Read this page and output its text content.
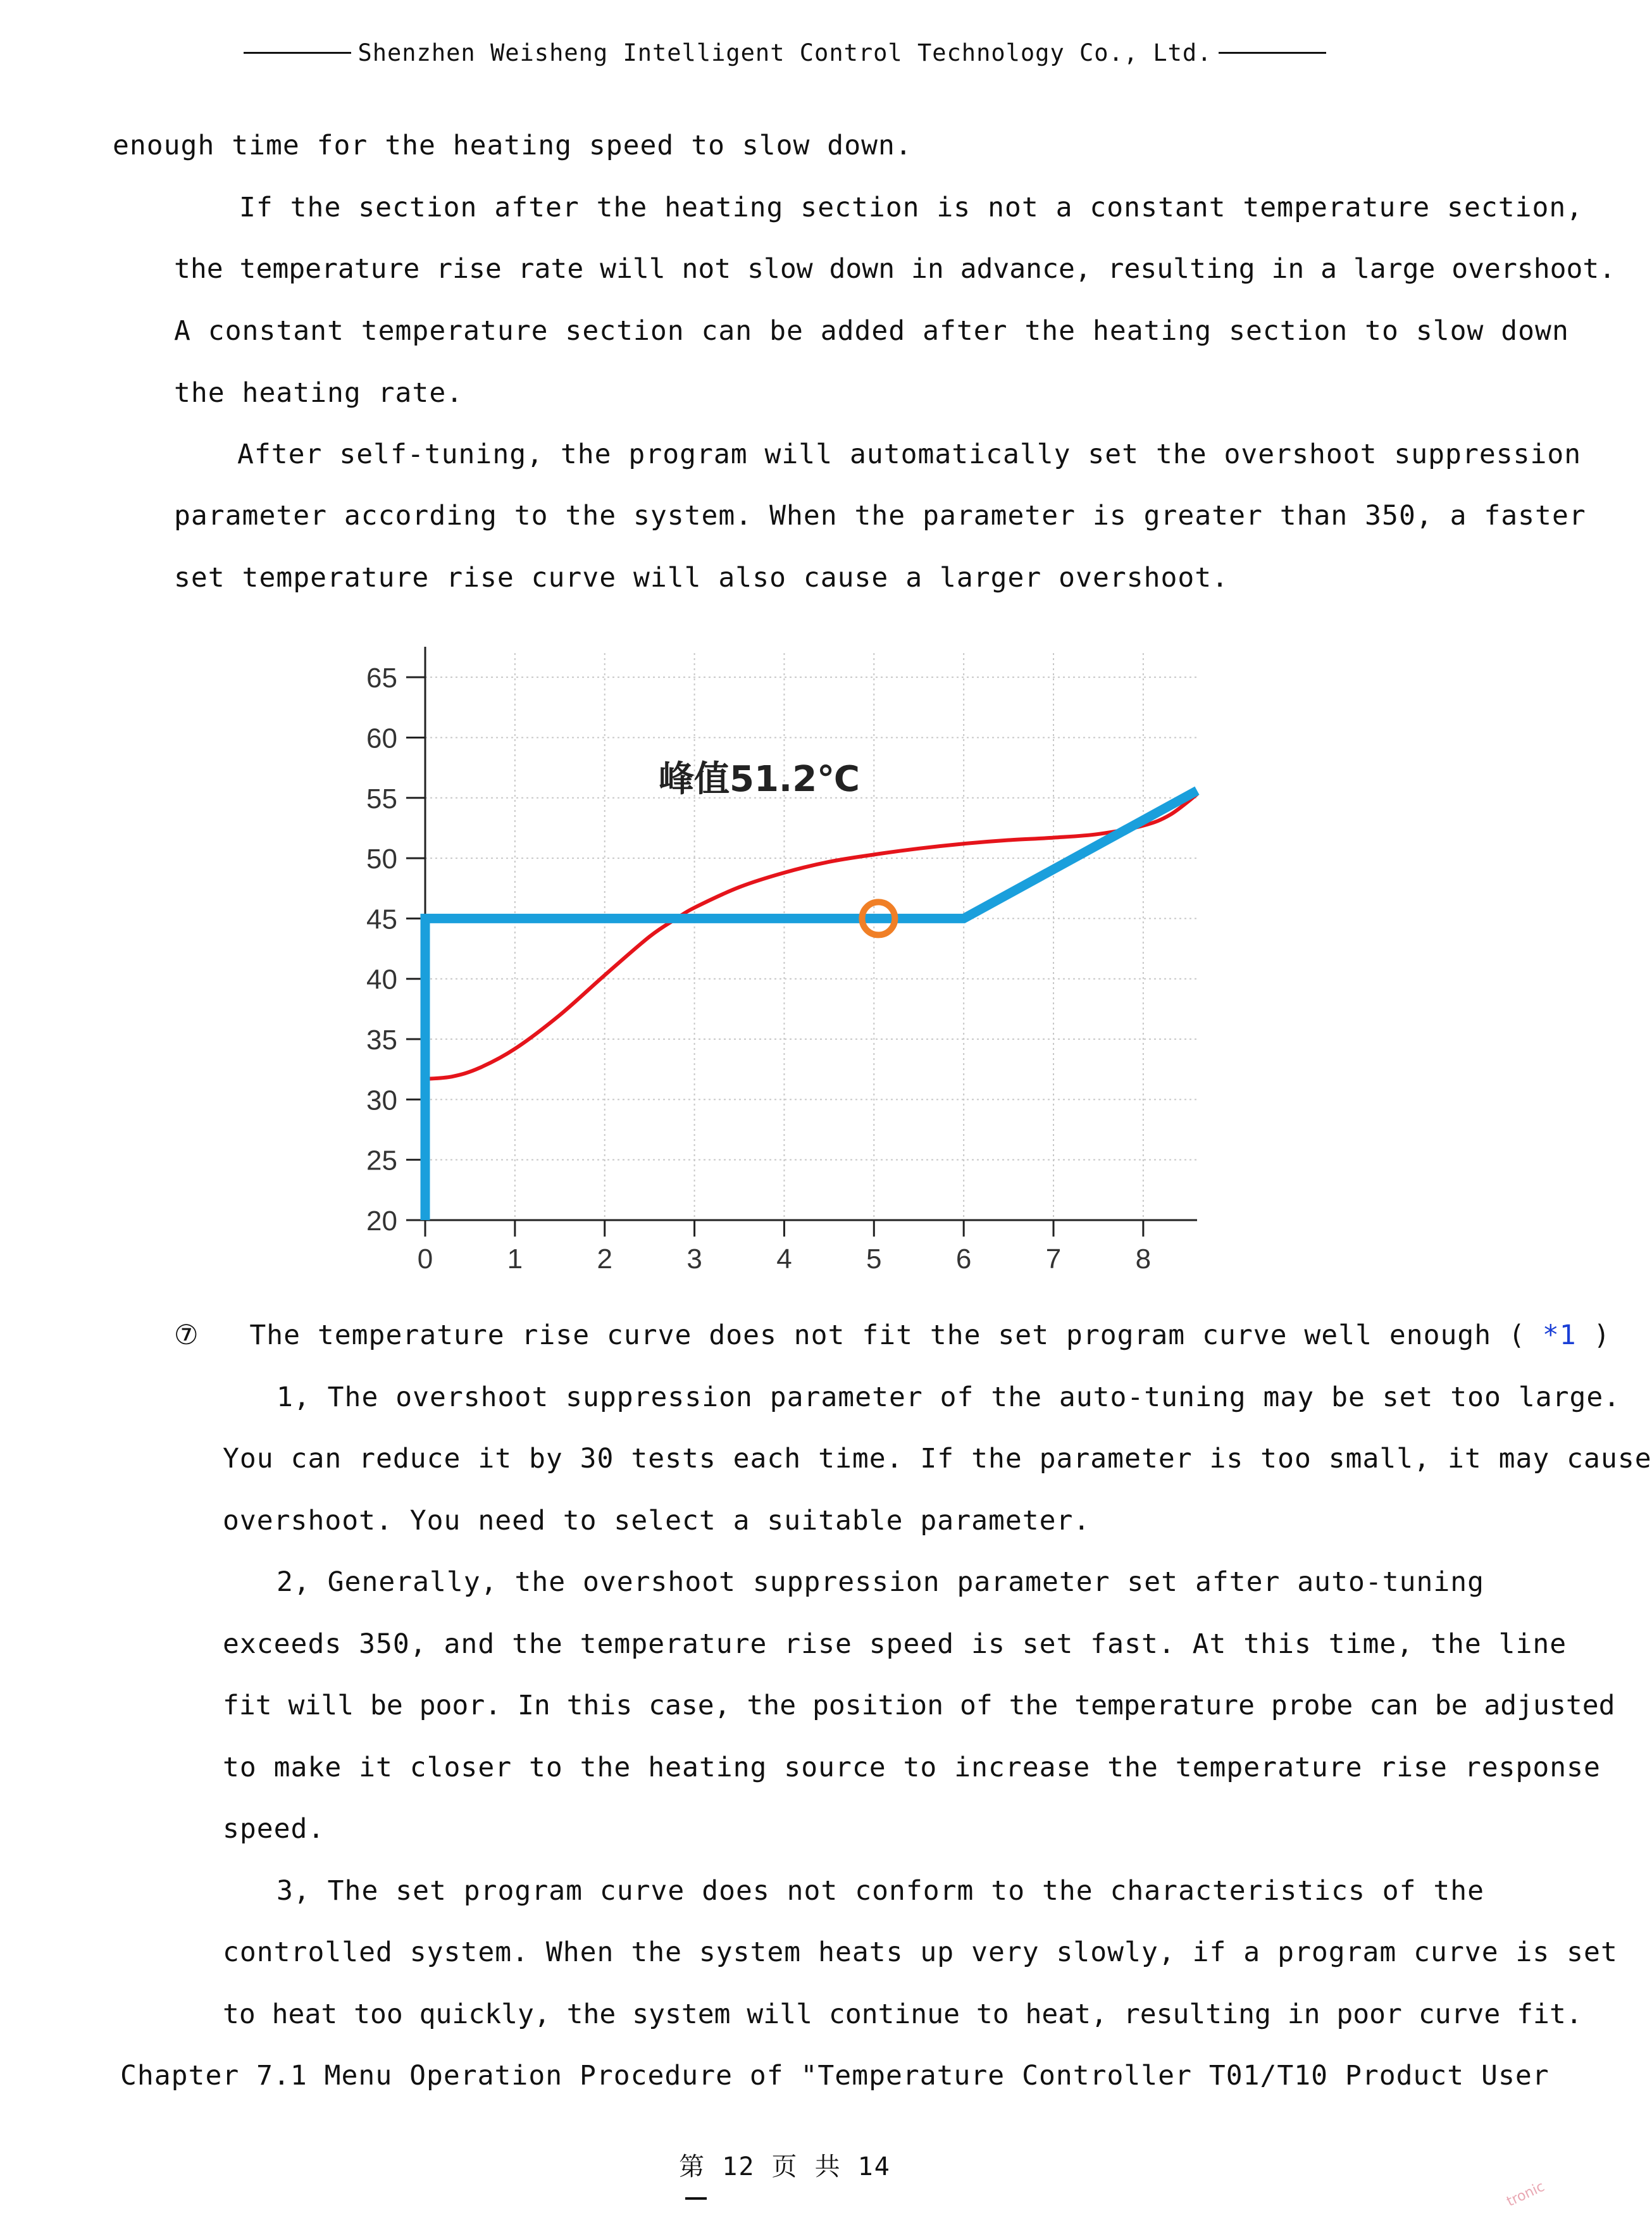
Shenzhen Weisheng Intelligent Control Technology Co., Ltd.
enough time for the heating speed to slow down.
If the section after the heating section is not a constant temperature section,
the temperature rise rate will not slow down in advance, resulting in a large overshoot.
A constant temperature section can be added after the heating section to slow down
the heating rate.
After self-tuning, the program will automatically set the overshoot suppression
parameter according to the system. When the parameter is greater than 350, a faster
set temperature rise curve will also cause a larger overshoot.
20
25
30
35
40
45
50
55
60
65
0	1	2	3	4	5	6	7	8
峰值51.2℃
⑦ The temperature rise curve does not fit the set program curve well enough ( *1 )
1, The overshoot suppression parameter of the auto-tuning may be set too large.
You can reduce it by 30 tests each time. If the parameter is too small, it may cause
overshoot. You need to select a suitable parameter.
2, Generally, the overshoot suppression parameter set after auto-tuning
exceeds 350, and the temperature rise speed is set fast. At this time, the line
fit will be poor. In this case, the position of the temperature probe can be adjusted
to make it closer to the heating source to increase the temperature rise response
speed.
3, The set program curve does not conform to the characteristics of the
controlled system. When the system heats up very slowly, if a program curve is set
to heat too quickly, the system will continue to heat, resulting in poor curve fit.
Chapter 7.1 Menu Operation Procedure of "Temperature Controller T01/T10 Product User
第 12 页 共 14
tronic
